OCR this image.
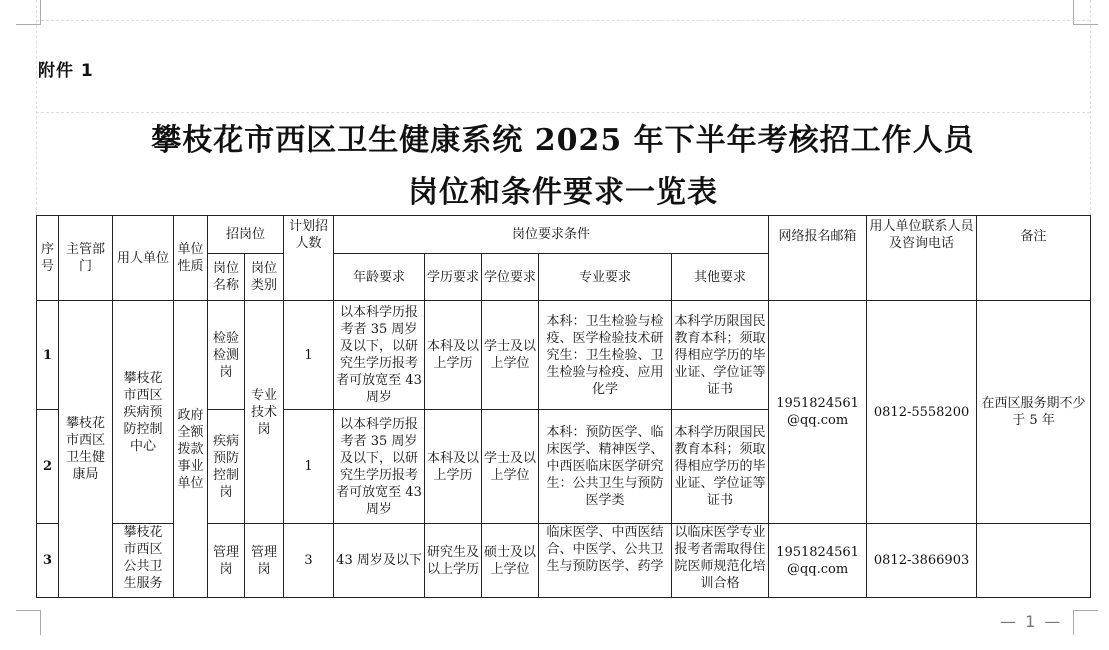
附件 1
攀枝花市西区卫生健康系统 2025 年下半年考核招工作人员
岗位和条件要求一览表
序号	主管部门	用人单位	单位性质	招岗位		计划招人数	岗位要求条件					网络报名邮箱	用人单位联系人员及咨询电话	备注
				岗位名称	岗位类别		年龄要求	学历要求	学位要求	专业要求	其他要求			
1	攀枝花市西区卫生健康局	攀枝花市西区疾病预防控制中心	政府全额拨款事业单位	检验检测岗	专业技术岗	1	以本科学历报考者 35 周岁及以下，以研究生学历报考者可放宽至 43 周岁	本科及以上学历	学士及以上学位	本科：卫生检验与检疫、医学检验技术研究生：卫生检验、卫生检验与检疫、应用化学	本科学历限国民教育本科；须取得相应学历的毕业证、学位证等证书	1951824561@qq.com	0812-5558200	在西区服务期不少于 5 年
2				疾病预防控制岗		1	以本科学历报考者 35 周岁及以下，以研究生学历报考者可放宽至 43 周岁	本科及以上学历	学士及以上学位	本科：预防医学、临床医学、精神医学、中西医临床医学研究生：公共卫生与预防医学类	本科学历限国民教育本科；须取得相应学历的毕业证、学位证等证书			
3		攀枝花市西区公共卫生服务		管理岗	管理岗	3	43 周岁及以下	研究生及以上学历	硕士及以上学位	临床医学、中西医结合、中医学、公共卫生与预防医学、药学	以临床医学专业报考者需取得住院医师规范化培训合格	1951824561@qq.com	0812-3866903	
— 1 —
